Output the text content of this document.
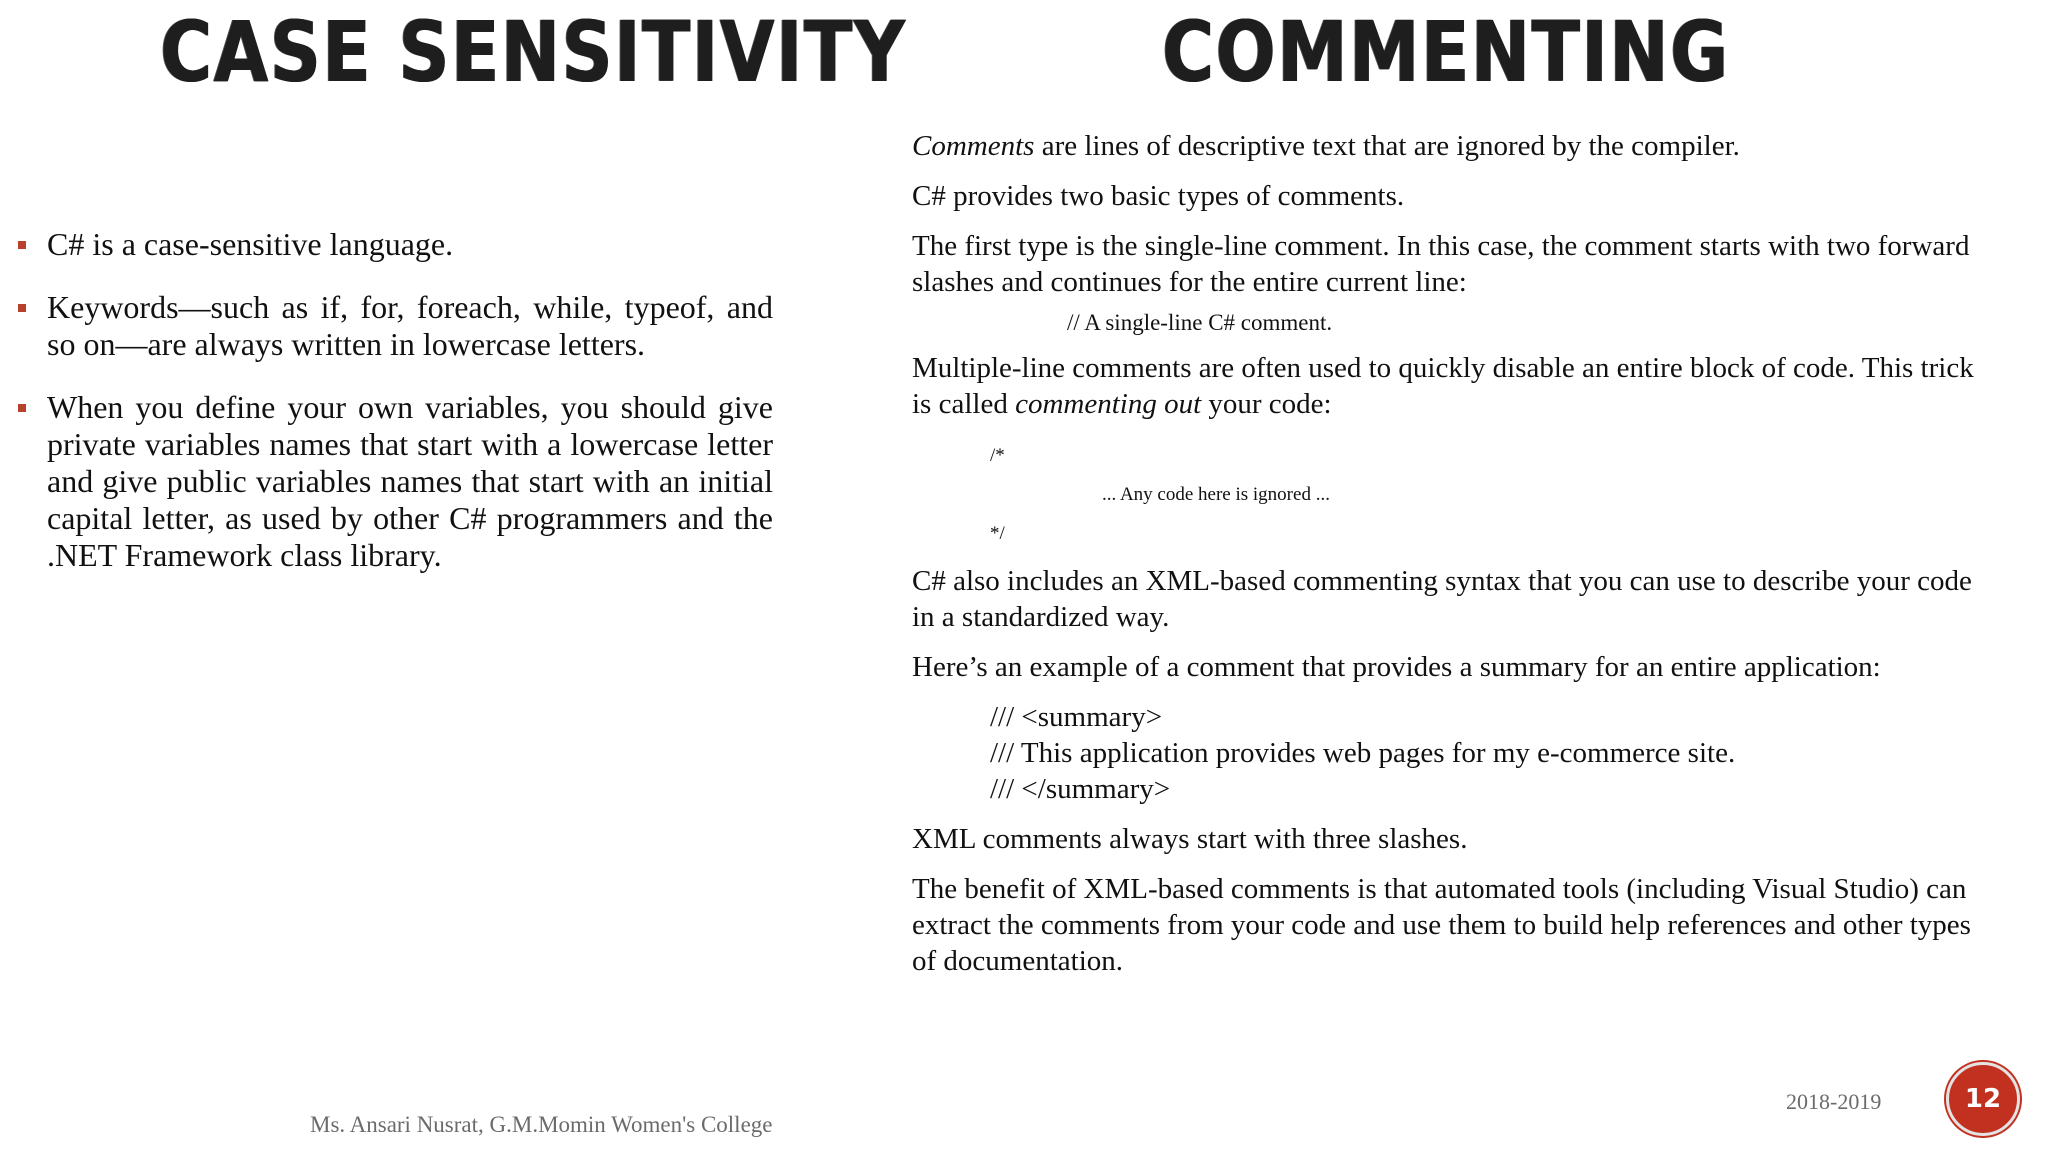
CASE SENSITIVITY	COMMENTING
C# is a case-sensitive language.
Keywords—such as if, for, foreach, while, typeof, and so on—are always written in lowercase letters.
When you define your own variables, you should give private variables names that start with a lowercase letter and give public variables names that start with an initial capital letter, as used by other C# programmers and the .NET Framework class library.

Comments are lines of descriptive text that are ignored by the compiler.

C# provides two basic types of comments.

The first type is the single-line comment. In this case, the comment starts with two forward slashes and continues for the entire current line:

// A single-line C# comment.

Multiple-line comments are often used to quickly disable an entire block of code. This trick is called commenting out your code:

/*
... Any code here is ignored ...
*/

C# also includes an XML-based commenting syntax that you can use to describe your code in a standardized way.

Here’s an example of a comment that provides a summary for an entire application:

/// <summary>
/// This application provides web pages for my e-commerce site.
/// </summary>

XML comments always start with three slashes.

The benefit of XML-based comments is that automated tools (including Visual Studio) can extract the comments from your code and use them to build help references and other types of documentation.

Ms. Ansari Nusrat, G.M.Momin Women's College
2018-2019	12
